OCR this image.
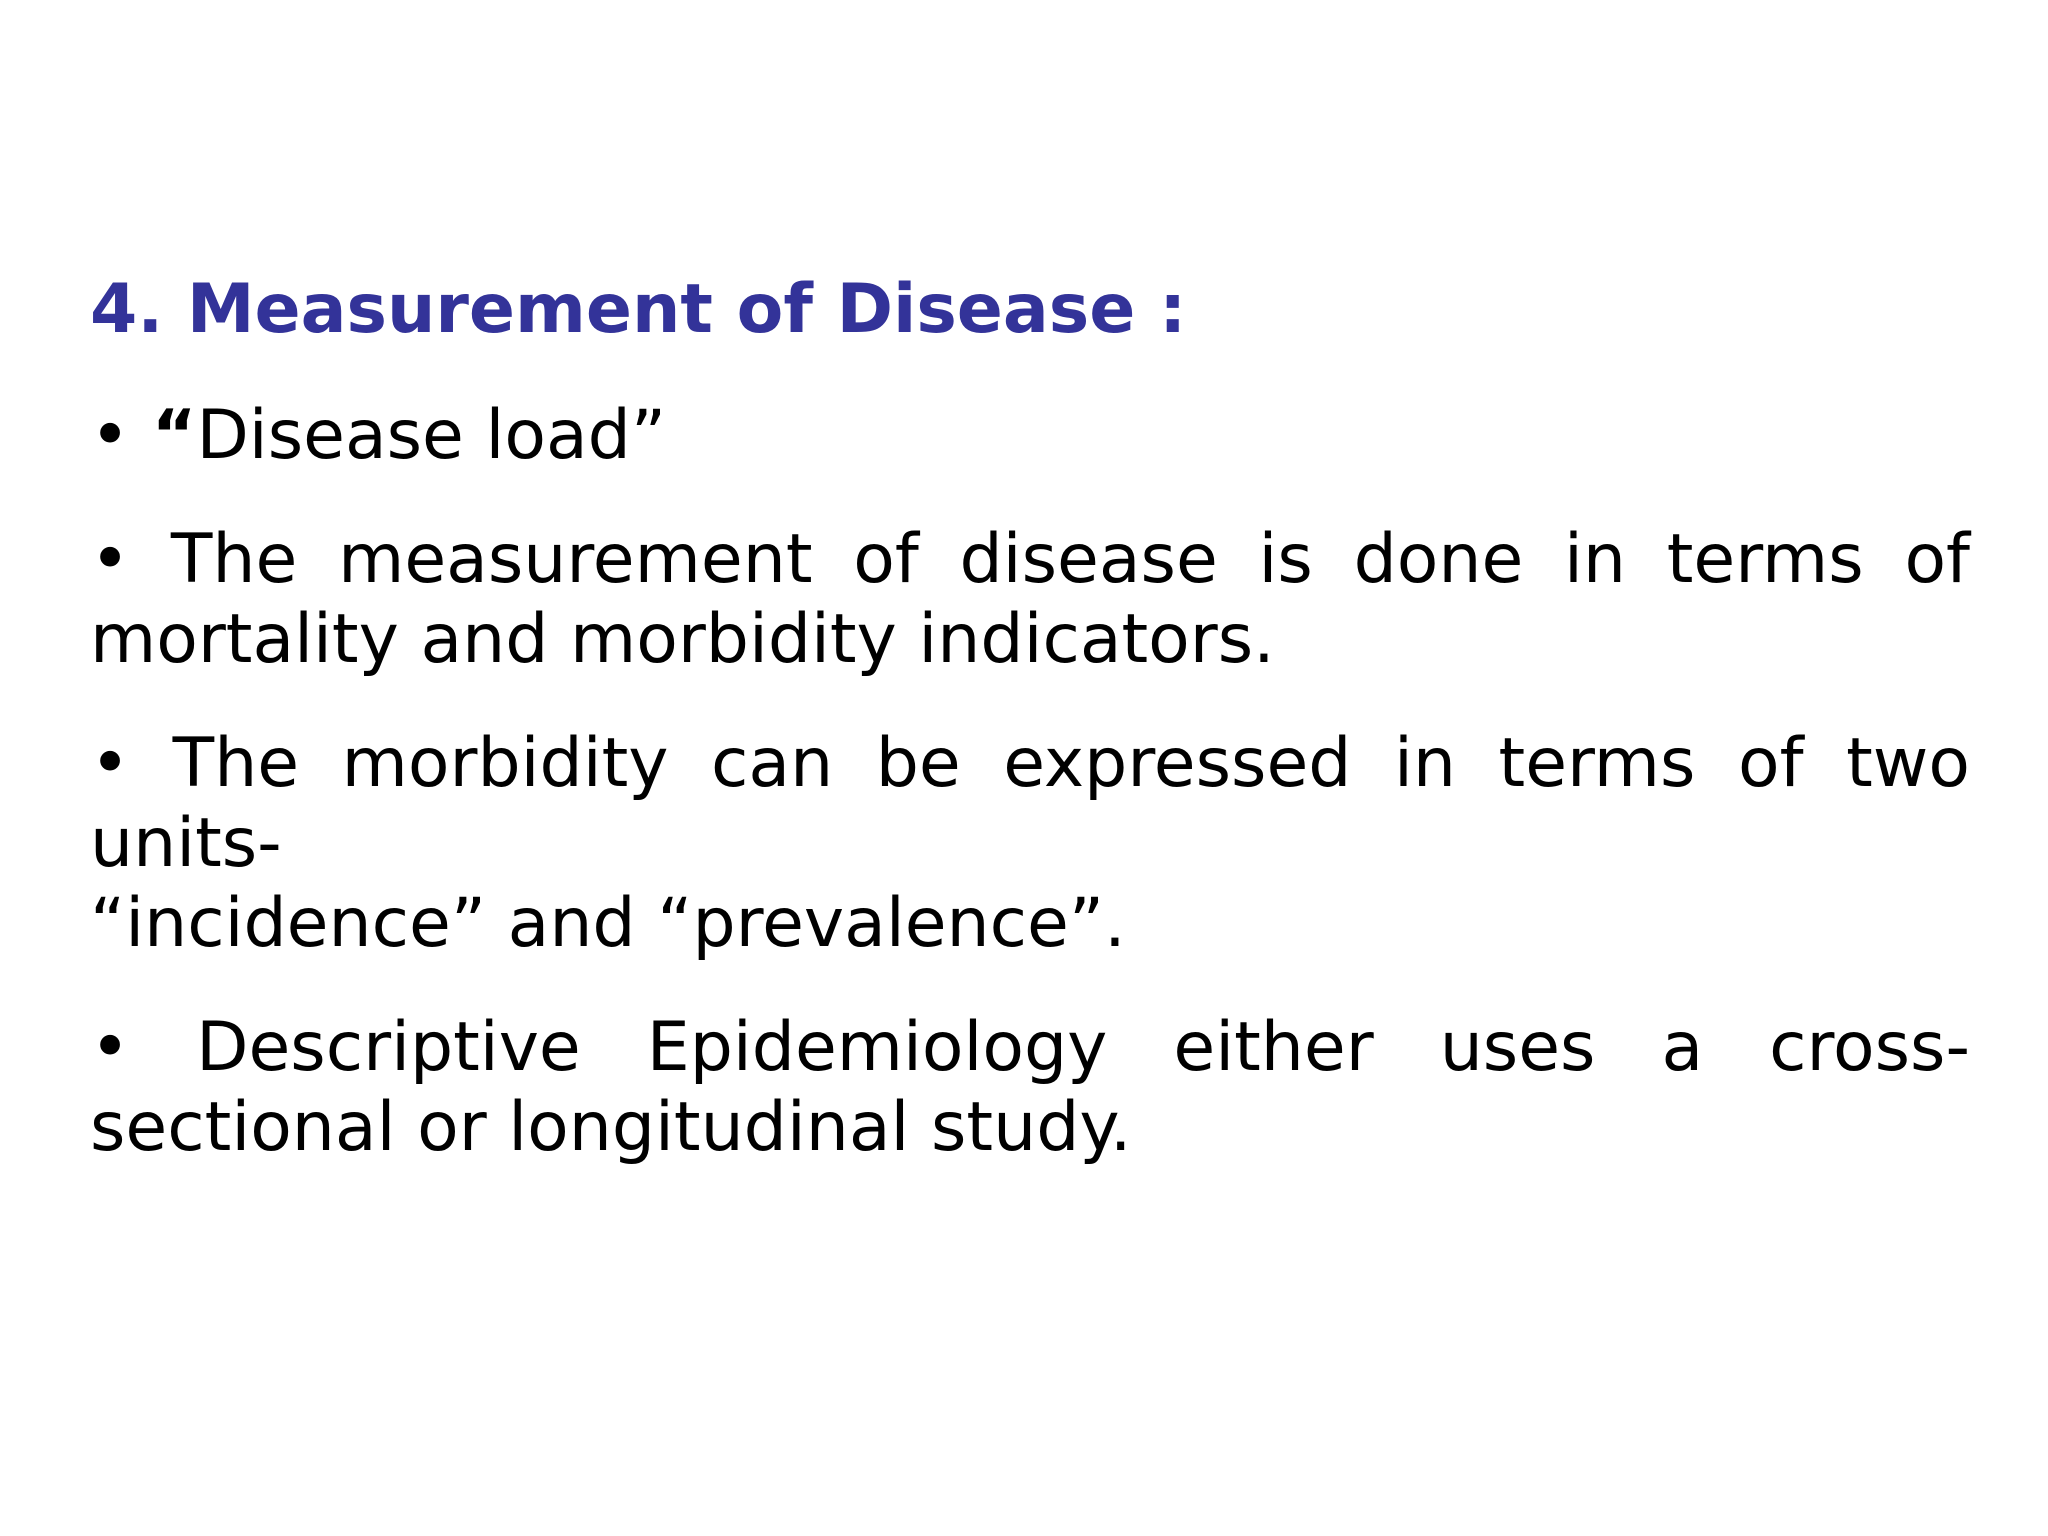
4. Measurement of Disease :
• “Disease load”
• The measurement of disease is done in terms of mortality and morbidity indicators.
• The morbidity can be expressed in terms of two
units-
“incidence” and “prevalence”.
• Descriptive Epidemiology either uses a cross-sectional or longitudinal study.
